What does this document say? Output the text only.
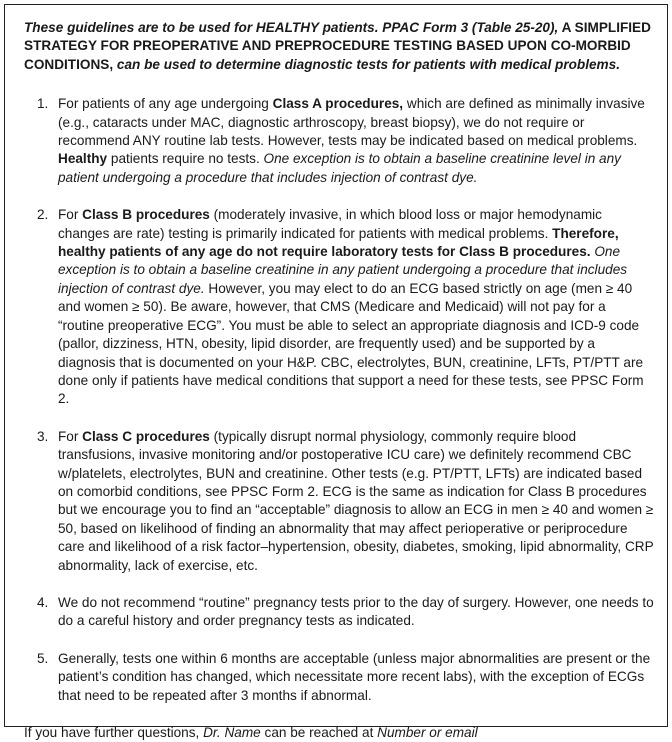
These guidelines are to be used for HEALTHY patients. PPAC Form 3 (Table 25-20), A SIMPLIFIED STRATEGY FOR PREOPERATIVE AND PREPROCEDURE TESTING BASED UPON CO-MORBID CONDITIONS, can be used to determine diagnostic tests for patients with medical problems.

1. For patients of any age undergoing Class A procedures, which are defined as minimally invasive (e.g., cataracts under MAC, diagnostic arthroscopy, breast biopsy), we do not require or recommend ANY routine lab tests. However, tests may be indicated based on medical problems. Healthy patients require no tests. One exception is to obtain a baseline creatinine level in any patient undergoing a procedure that includes injection of contrast dye.
2. For Class B procedures (moderately invasive, in which blood loss or major hemodynamic changes are rate) testing is primarily indicated for patients with medical problems. Therefore, healthy patients of any age do not require laboratory tests for Class B procedures. One exception is to obtain a baseline creatinine in any patient undergoing a procedure that includes injection of contrast dye. However, you may elect to do an ECG based strictly on age (men ≥ 40 and women ≥ 50). Be aware, however, that CMS (Medicare and Medicaid) will not pay for a “routine preoperative ECG”. You must be able to select an appropriate diagnosis and ICD-9 code (pallor, dizziness, HTN, obesity, lipid disorder, are frequently used) and be supported by a diagnosis that is documented on your H&P. CBC, electrolytes, BUN, creatinine, LFTs, PT/PTT are done only if patients have medical conditions that support a need for these tests, see PPSC Form 2.
3. For Class C procedures (typically disrupt normal physiology, commonly require blood transfusions, invasive monitoring and/or postoperative ICU care) we definitely recommend CBC w/platelets, electrolytes, BUN and creatinine. Other tests (e.g. PT/PTT, LFTs) are indicated based on comorbid conditions, see PPSC Form 2. ECG is the same as indication for Class B procedures but we encourage you to find an “acceptable” diagnosis to allow an ECG in men ≥ 40 and women ≥ 50, based on likelihood of finding an abnormality that may affect perioperative or periprocedure care and likelihood of a risk factor–hypertension, obesity, diabetes, smoking, lipid abnormality, CRP abnormality, lack of exercise, etc.
4. We do not recommend “routine” pregnancy tests prior to the day of surgery. However, one needs to do a careful history and order pregnancy tests as indicated.
5. Generally, tests one within 6 months are acceptable (unless major abnormalities are present or the patient’s condition has changed, which necessitate more recent labs), with the exception of ECGs that need to be repeated after 3 months if abnormal.

If you have further questions, Dr. Name can be reached at Number or email
